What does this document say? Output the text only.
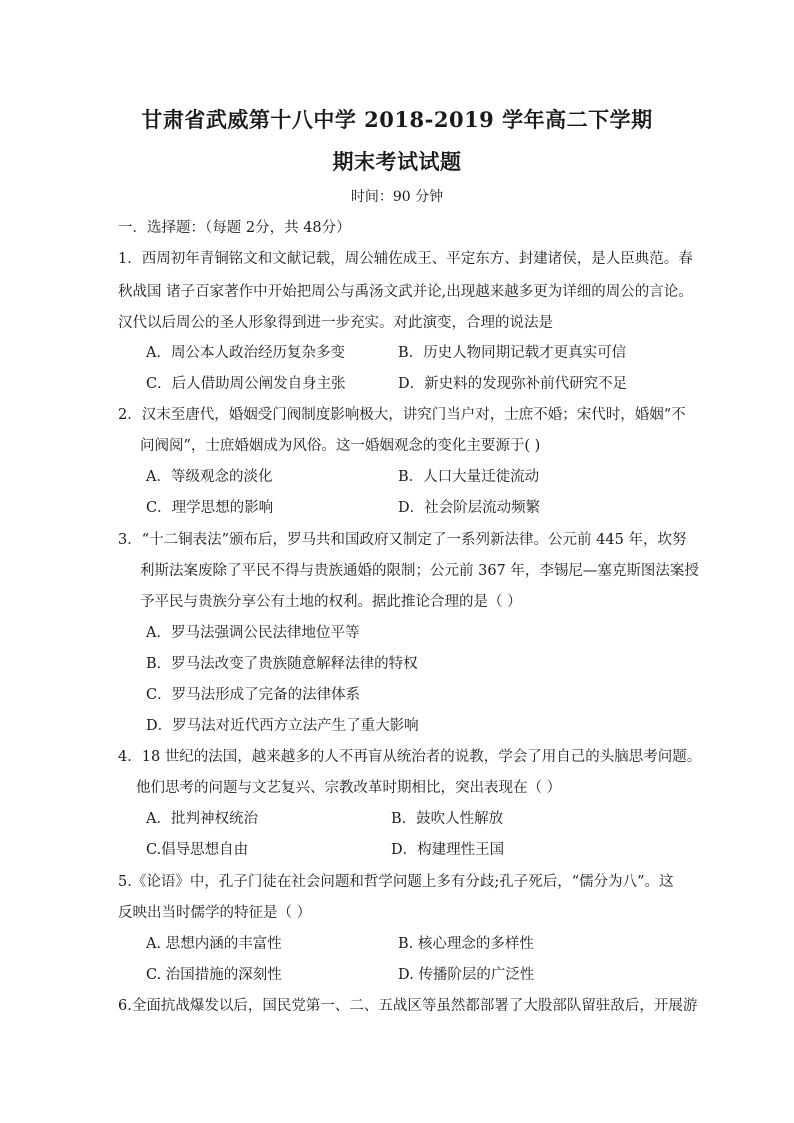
甘肃省武威第十八中学 2018-2019 学年高二下学期
期末考试试题
时间：90 分钟
一．选择题：（每题 2分，共 48分）
1．西周初年青铜铭文和文献记载，周公辅佐成王、平定东方、封建诸侯，是人臣典范。春
秋战国 诸子百家著作中开始把周公与禹汤文武并论,出现越来越多更为详细的周公的言论。
汉代以后周公的圣人形象得到进一步充实。对此演变，合理的说法是
A．周公本人政治经历复杂多变	B．历史人物同期记载才更真实可信
C．后人借助周公阐发自身主张	D．新史料的发现弥补前代研究不足
2．汉末至唐代，婚姻受门阀制度影响极大，讲究门当户对，士庶不婚；宋代时，婚姻“不
问阀阅”，士庶婚姻成为风俗。这一婚姻观念的变化主要源于( )
A．等级观念的淡化	B．人口大量迁徙流动
C．理学思想的影响	D．社会阶层流动频繁
3．“十二铜表法”颁布后，罗马共和国政府又制定了一系列新法律。公元前 445 年，坎努
利斯法案废除了平民不得与贵族通婚的限制；公元前 367 年，李锡尼—塞克斯图法案授
予平民与贵族分享公有土地的权利。据此推论合理的是（ ）
A．罗马法强调公民法律地位平等
B．罗马法改变了贵族随意解释法律的特权
C．罗马法形成了完备的法律体系
D．罗马法对近代西方立法产生了重大影响
4．18 世纪的法国，越来越多的人不再盲从统治者的说教，学会了用自己的头脑思考问题。
他们思考的问题与文艺复兴、宗教改革时期相比，突出表现在（ ）
A．批判神权统治	B．鼓吹人性解放
C.倡导思想自由	D．构建理性王国
5.《论语》中，孔子门徒在社会问题和哲学问题上多有分歧;孔子死后，“儒分为八”。这
反映出当时儒学的特征是（ ）
A. 思想内涵的丰富性	B. 核心理念的多样性
C. 治国措施的深刻性	D. 传播阶层的广泛性
6.全面抗战爆发以后，国民党第一、二、五战区等虽然都部署了大股部队留驻敌后，开展游
